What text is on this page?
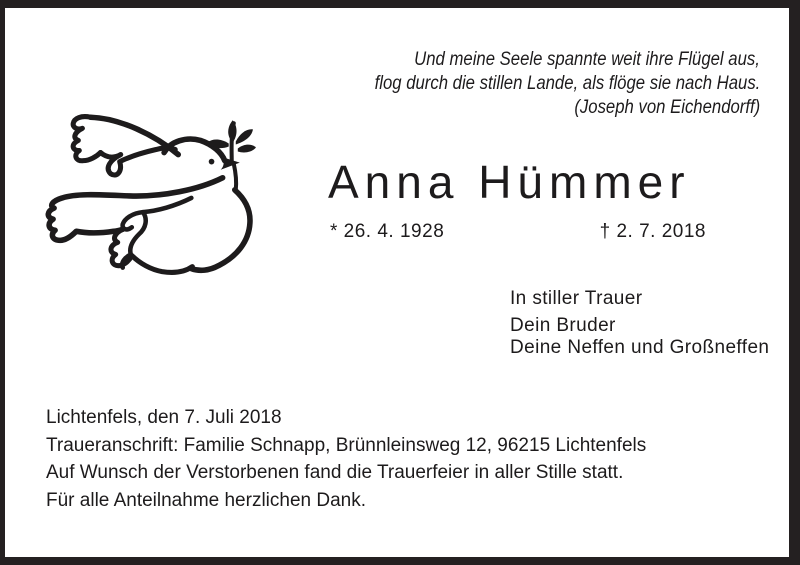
Und meine Seele spannte weit ihre Flügel aus,
flog durch die stillen Lande, als flöge sie nach Haus.
(Joseph von Eichendorff)
Anna Hümmer
* 26. 4. 1928	† 2. 7. 2018
In stiller Trauer
Dein Bruder
Deine Neffen und Großneffen
Lichtenfels, den 7. Juli 2018
Traueranschrift: Familie Schnapp, Brünnleinsweg 12, 96215 Lichtenfels
Auf Wunsch der Verstorbenen fand die Trauerfeier in aller Stille statt.
Für alle Anteilnahme herzlichen Dank.
